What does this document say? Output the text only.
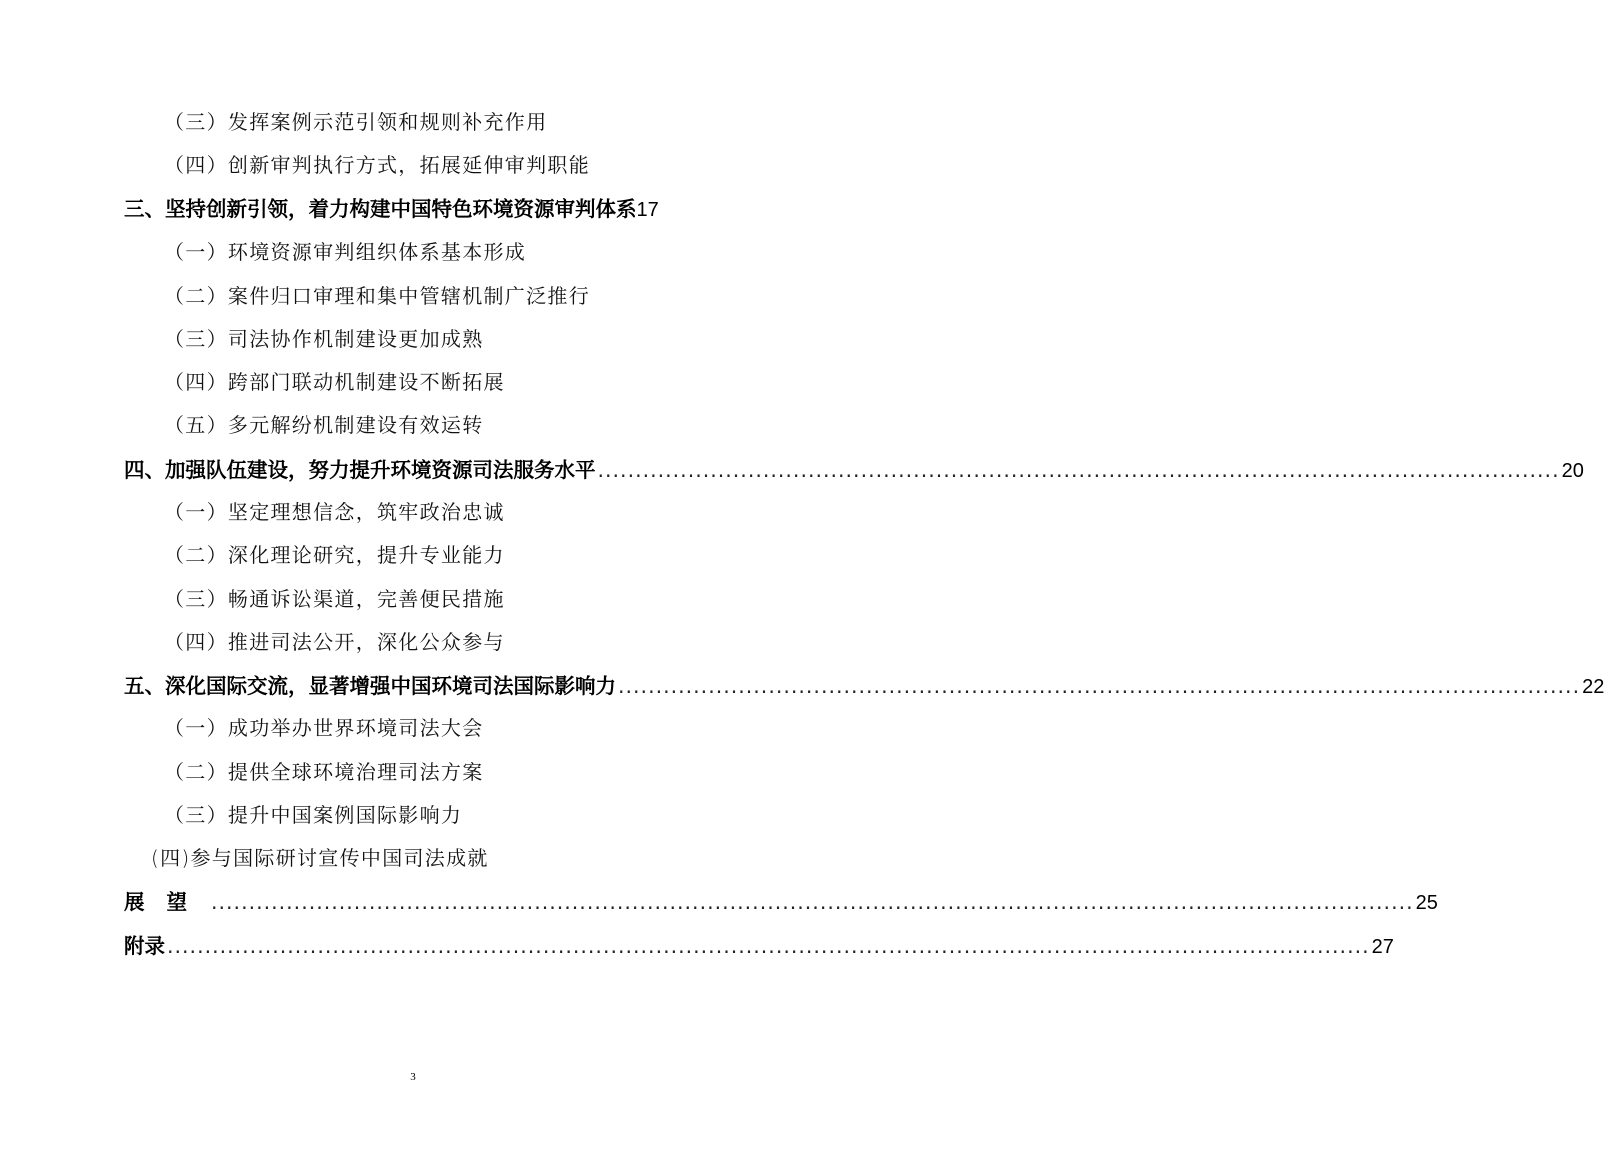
（三）发挥案例示范引领和规则补充作用
（四）创新审判执行方式，拓展延伸审判职能
三、坚持创新引领，着力构建中国特色环境资源审判体系 17
（一）环境资源审判组织体系基本形成
（二）案件归口审理和集中管辖机制广泛推行
（三）司法协作机制建设更加成熟
（四）跨部门联动机制建设不断拓展
（五）多元解纷机制建设有效运转
四、加强队伍建设，努力提升环境资源司法服务水平 ................................................................................................................................ 20
（一）坚定理想信念，筑牢政治忠诚
（二）深化理论研究，提升专业能力
（三）畅通诉讼渠道，完善便民措施
（四）推进司法公开，深化公众参与
五、深化国际交流，显著增强中国环境司法国际影响力 ................................................................................................................................ 22
（一）成功举办世界环境司法大会
（二）提供全球环境治理司法方案
（三）提升中国案例国际影响力
(四)参与国际研讨宣传中国司法成就
展望 ................................................................................................................................................................ 25
附录 ................................................................................................................................................................ 27
3
